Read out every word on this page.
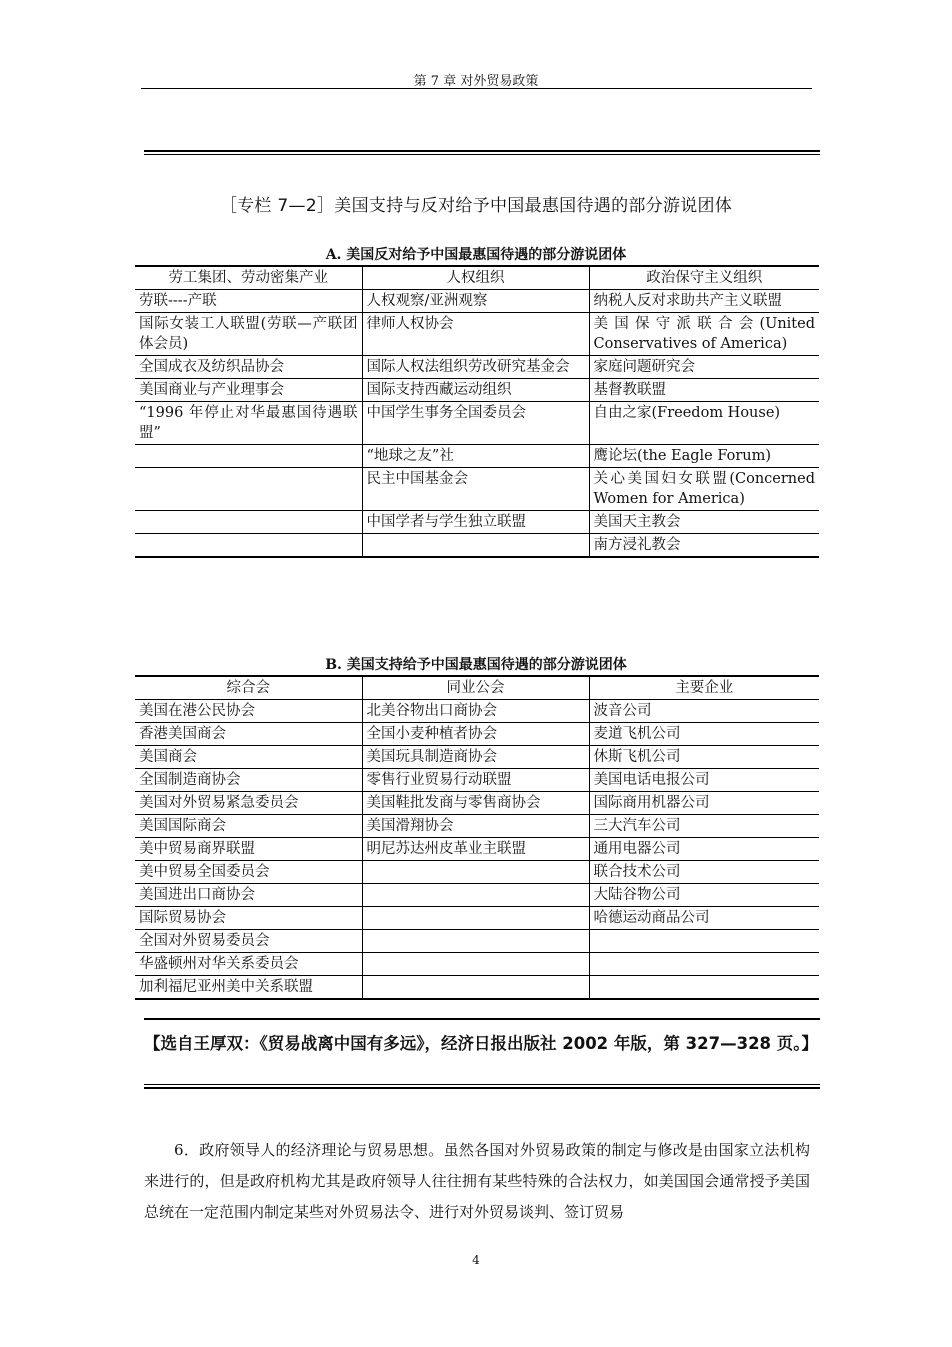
第 7 章 对外贸易政策
［专栏 7—2］美国支持与反对给予中国最惠国待遇的部分游说团体
A. 美国反对给予中国最惠国待遇的部分游说团体
劳工集团、劳动密集产业	人权组织	政治保守主义组织
劳联----产联	人权观察/亚洲观察	纳税人反对求助共产主义联盟
国际女装工人联盟(劳联—产联团体会员)	律师人权协会	美国保守派联合会(United Conservatives of America)
全国成衣及纺织品协会	国际人权法组织劳改研究基金会	家庭问题研究会
美国商业与产业理事会	国际支持西藏运动组织	基督教联盟
“1996 年停止对华最惠国待遇联盟”	中国学生事务全国委员会	自由之家(Freedom House)
	“地球之友”社	鹰论坛(the Eagle Forum)
	民主中国基金会	关心美国妇女联盟(Concerned Women for America)
	中国学者与学生独立联盟	美国天主教会
		南方浸礼教会
B. 美国支持给予中国最惠国待遇的部分游说团体
综合会	同业公会	主要企业
美国在港公民协会	北美谷物出口商协会	波音公司
香港美国商会	全国小麦种植者协会	麦道飞机公司
美国商会	美国玩具制造商协会	休斯飞机公司
全国制造商协会	零售行业贸易行动联盟	美国电话电报公司
美国对外贸易紧急委员会	美国鞋批发商与零售商协会	国际商用机器公司
美国国际商会	美国滑翔协会	三大汽车公司
美中贸易商界联盟	明尼苏达州皮革业主联盟	通用电器公司
美中贸易全国委员会		联合技术公司
美国进出口商协会		大陆谷物公司
国际贸易协会		哈德运动商品公司
全国对外贸易委员会		
华盛顿州对华关系委员会		
加利福尼亚州美中关系联盟		
【选自王厚双：《贸易战离中国有多远》，经济日报出版社 2002 年版，第 327—328 页。】
6．政府领导人的经济理论与贸易思想。虽然各国对外贸易政策的制定与修改是由国家立法机构来进行的，但是政府机构尤其是政府领导人往往拥有某些特殊的合法权力，如美国国会通常授予美国总统在一定范围内制定某些对外贸易法令、进行对外贸易谈判、签订贸易
4
